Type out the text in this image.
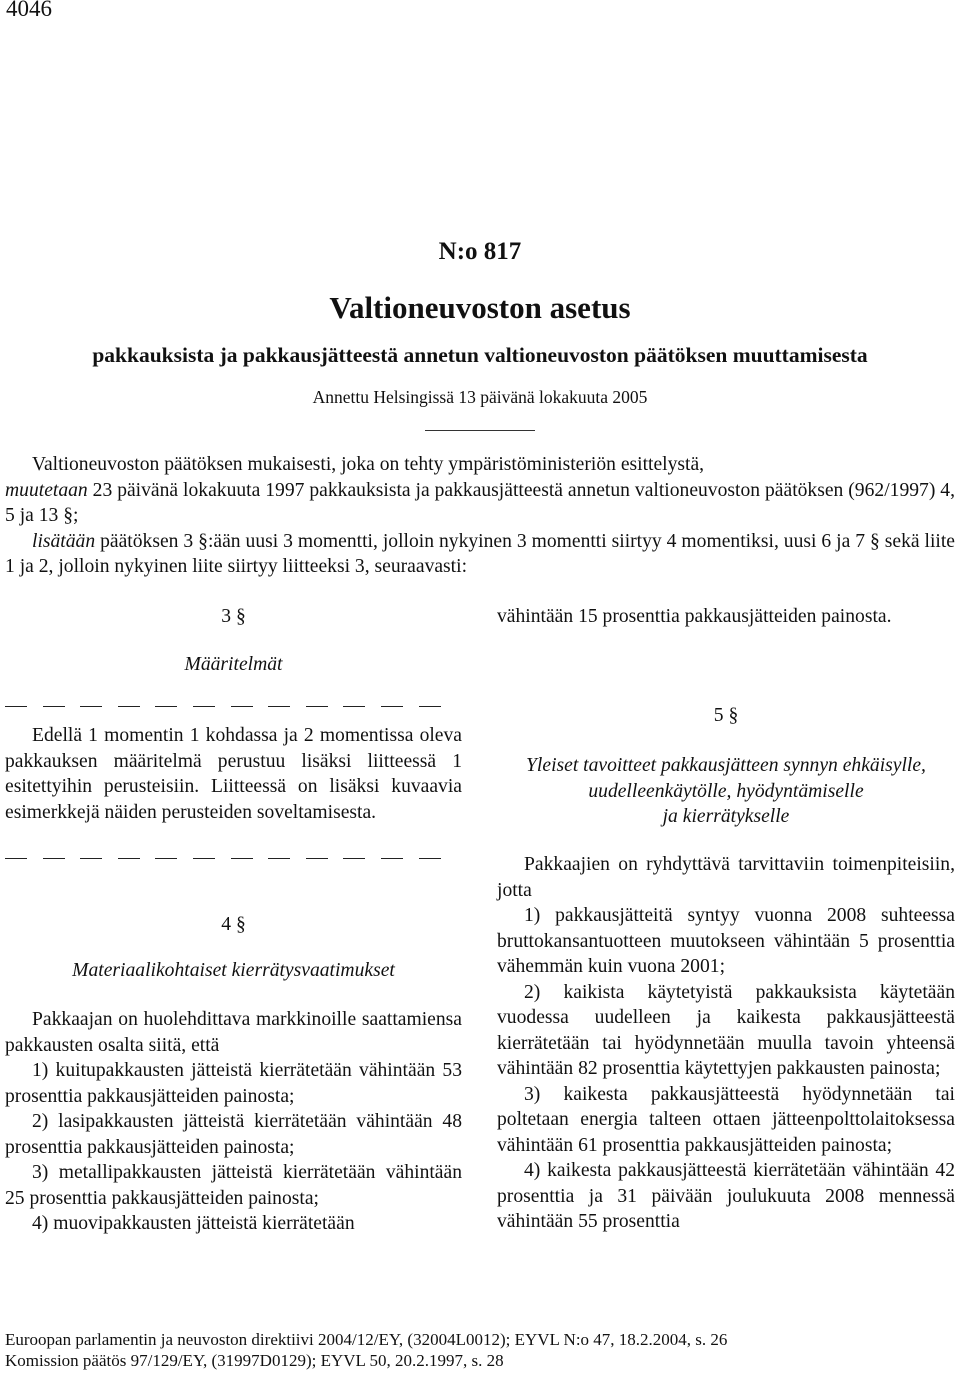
4046
N:o 817
Valtioneuvoston asetus
pakkauksista ja pakkausjätteestä annetun valtioneuvoston päätöksen muuttamisesta
Annettu Helsingissä 13 päivänä lokakuuta 2005

Valtioneuvoston päätöksen mukaisesti, joka on tehty ympäristöministeriön esittelystä,

muutetaan 23 päivänä lokakuuta 1997 pakkauksista ja pakkausjätteestä annetun valtioneuvoston päätöksen (962/1997) 4, 5 ja 13 §;

lisätään päätöksen 3 §:ään uusi 3 momentti, jolloin nykyinen 3 momentti siirtyy 4 momentiksi, uusi 6 ja 7 § sekä liite 1 ja 2, jolloin nykyinen liite siirtyy liitteeksi 3, seuraavasti:

3 §

Määritelmät

Edellä 1 momentin 1 kohdassa ja 2 momentissa oleva pakkauksen määritelmä perustuu lisäksi liitteessä 1 esitettyihin perusteisiin. Liitteessä on lisäksi kuvaavia esimerkkejä näiden perusteiden soveltamisesta.

4 §

Materiaalikohtaiset kierrätysvaatimukset

Pakkaajan on huolehdittava markkinoille saattamiensa pakkausten osalta siitä, että

1) kuitupakkausten jätteistä kierrätetään vähintään 53 prosenttia pakkausjätteiden painosta;

2) lasipakkausten jätteistä kierrätetään vähintään 48 prosenttia pakkausjätteiden painosta;

3) metallipakkausten jätteistä kierrätetään vähintään 25 prosenttia pakkausjätteiden painosta;

4) muovipakkausten jätteistä kierrätetään

vähintään 15 prosenttia pakkausjätteiden painosta.

5 §

Yleiset tavoitteet pakkausjätteen synnyn ehkäisylle, uudelleenkäytölle, hyödyntämiselle
ja kierrätykselle

Pakkaajien on ryhdyttävä tarvittaviin toimenpiteisiin, jotta

1) pakkausjätteitä syntyy vuonna 2008 suhteessa bruttokansantuotteen muutokseen vähintään 5 prosenttia vähemmän kuin vuona 2001;

2) kaikista käytetyistä pakkauksista käytetään vuodessa uudelleen ja kaikesta pakkausjätteestä kierrätetään tai hyödynnetään muulla tavoin yhteensä vähintään 82 prosenttia käytettyjen pakkausten painosta;

3) kaikesta pakkausjätteestä hyödynnetään tai poltetaan energia talteen ottaen jätteenpolttolaitoksessa vähintään 61 prosenttia pakkausjätteiden painosta;

4) kaikesta pakkausjätteestä kierrätetään vähintään 42 prosenttia ja 31 päivään joulukuuta 2008 mennessä vähintään 55 prosenttia

Euroopan parlamentin ja neuvoston direktiivi 2004/12/EY, (32004L0012); EYVL N:o 47, 18.2.2004, s. 26

Komission päätös 97/129/EY, (31997D0129); EYVL 50, 20.2.1997, s. 28
